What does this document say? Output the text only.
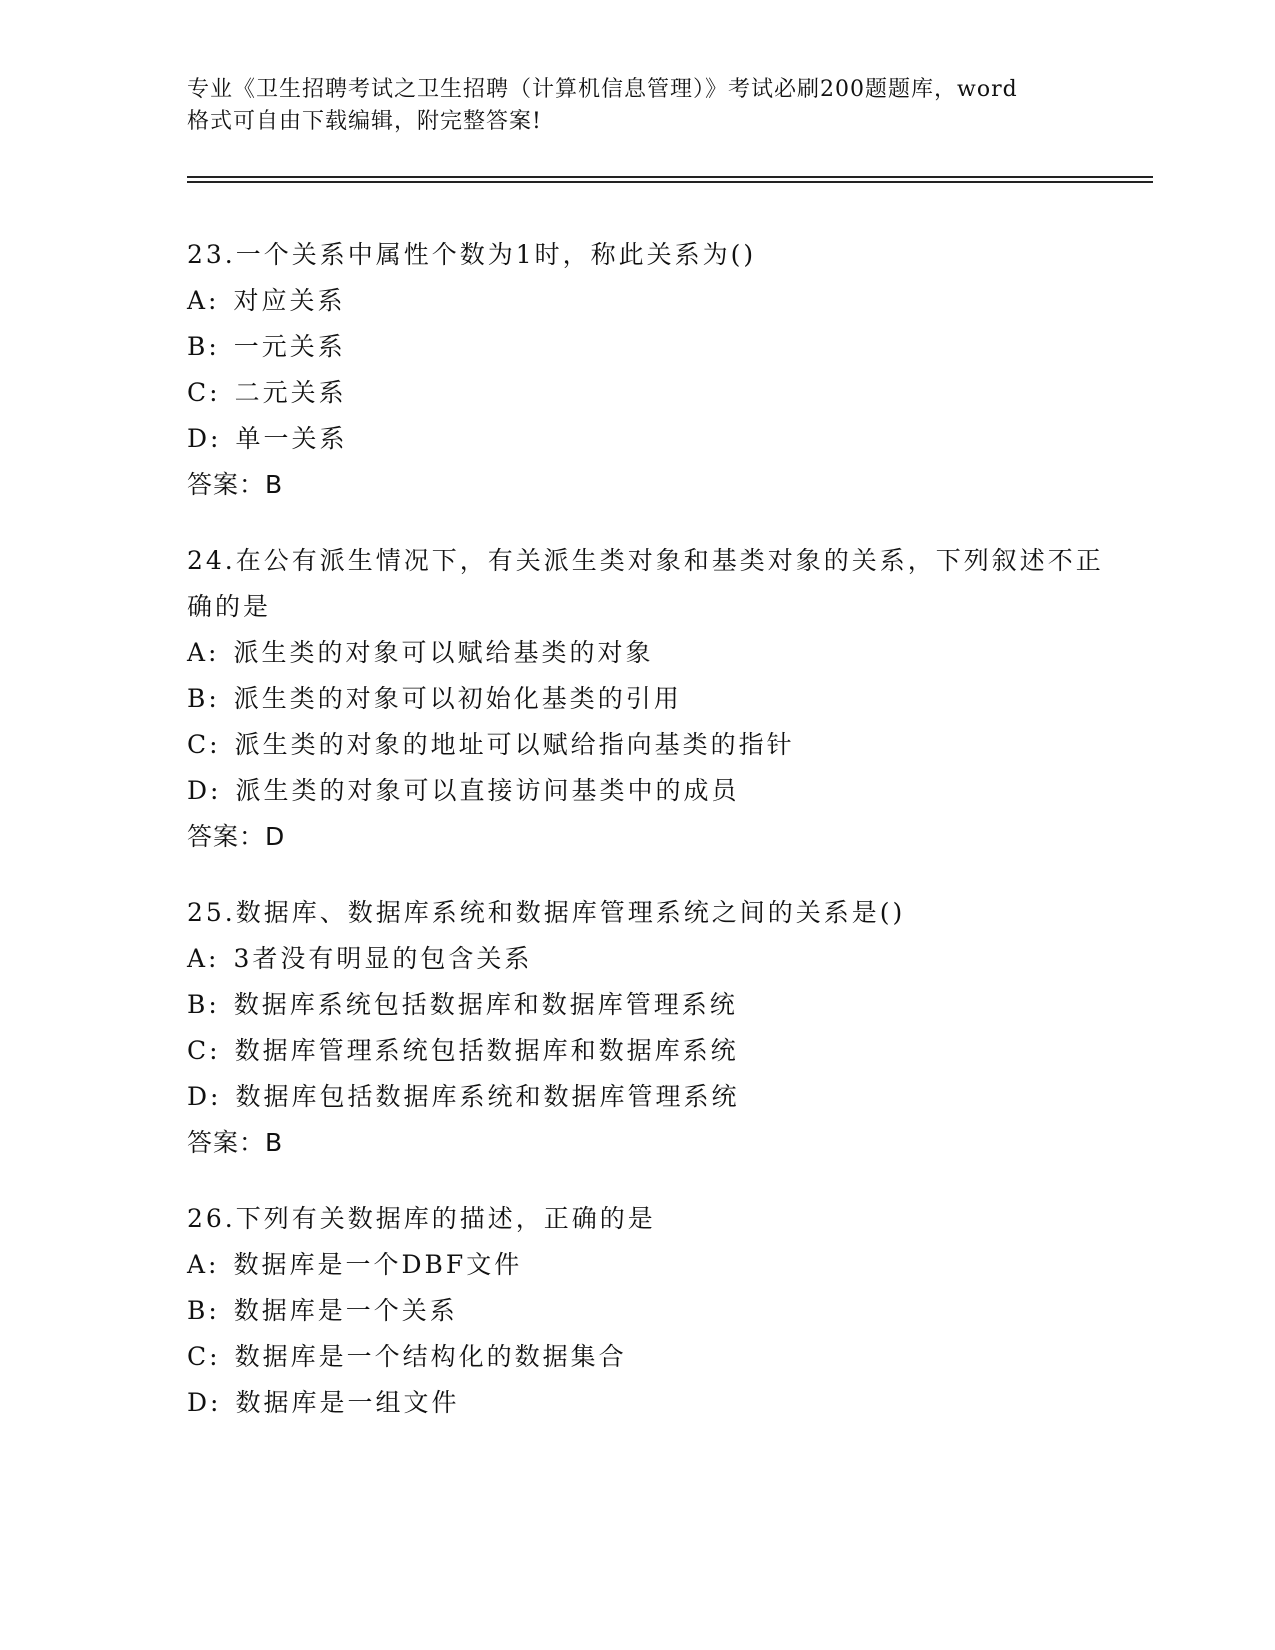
专业《卫生招聘考试之卫生招聘（计算机信息管理）》考试必刷200题题库，word
格式可自由下载编辑，附完整答案!

23.一个关系中属性个数为1时，称此关系为()

A: 对应关系

B: 一元关系

C: 二元关系

D: 单一关系

答案：B

24.在公有派生情况下，有关派生类对象和基类对象的关系，下列叙述不正确的是

A: 派生类的对象可以赋给基类的对象

B: 派生类的对象可以初始化基类的引用

C: 派生类的对象的地址可以赋给指向基类的指针

D: 派生类的对象可以直接访问基类中的成员

答案：D

25.数据库、数据库系统和数据库管理系统之间的关系是()

A: 3者没有明显的包含关系

B: 数据库系统包括数据库和数据库管理系统

C: 数据库管理系统包括数据库和数据库系统

D: 数据库包括数据库系统和数据库管理系统

答案：B

26.下列有关数据库的描述，正确的是

A: 数据库是一个DBF文件

B: 数据库是一个关系

C: 数据库是一个结构化的数据集合

D: 数据库是一组文件
